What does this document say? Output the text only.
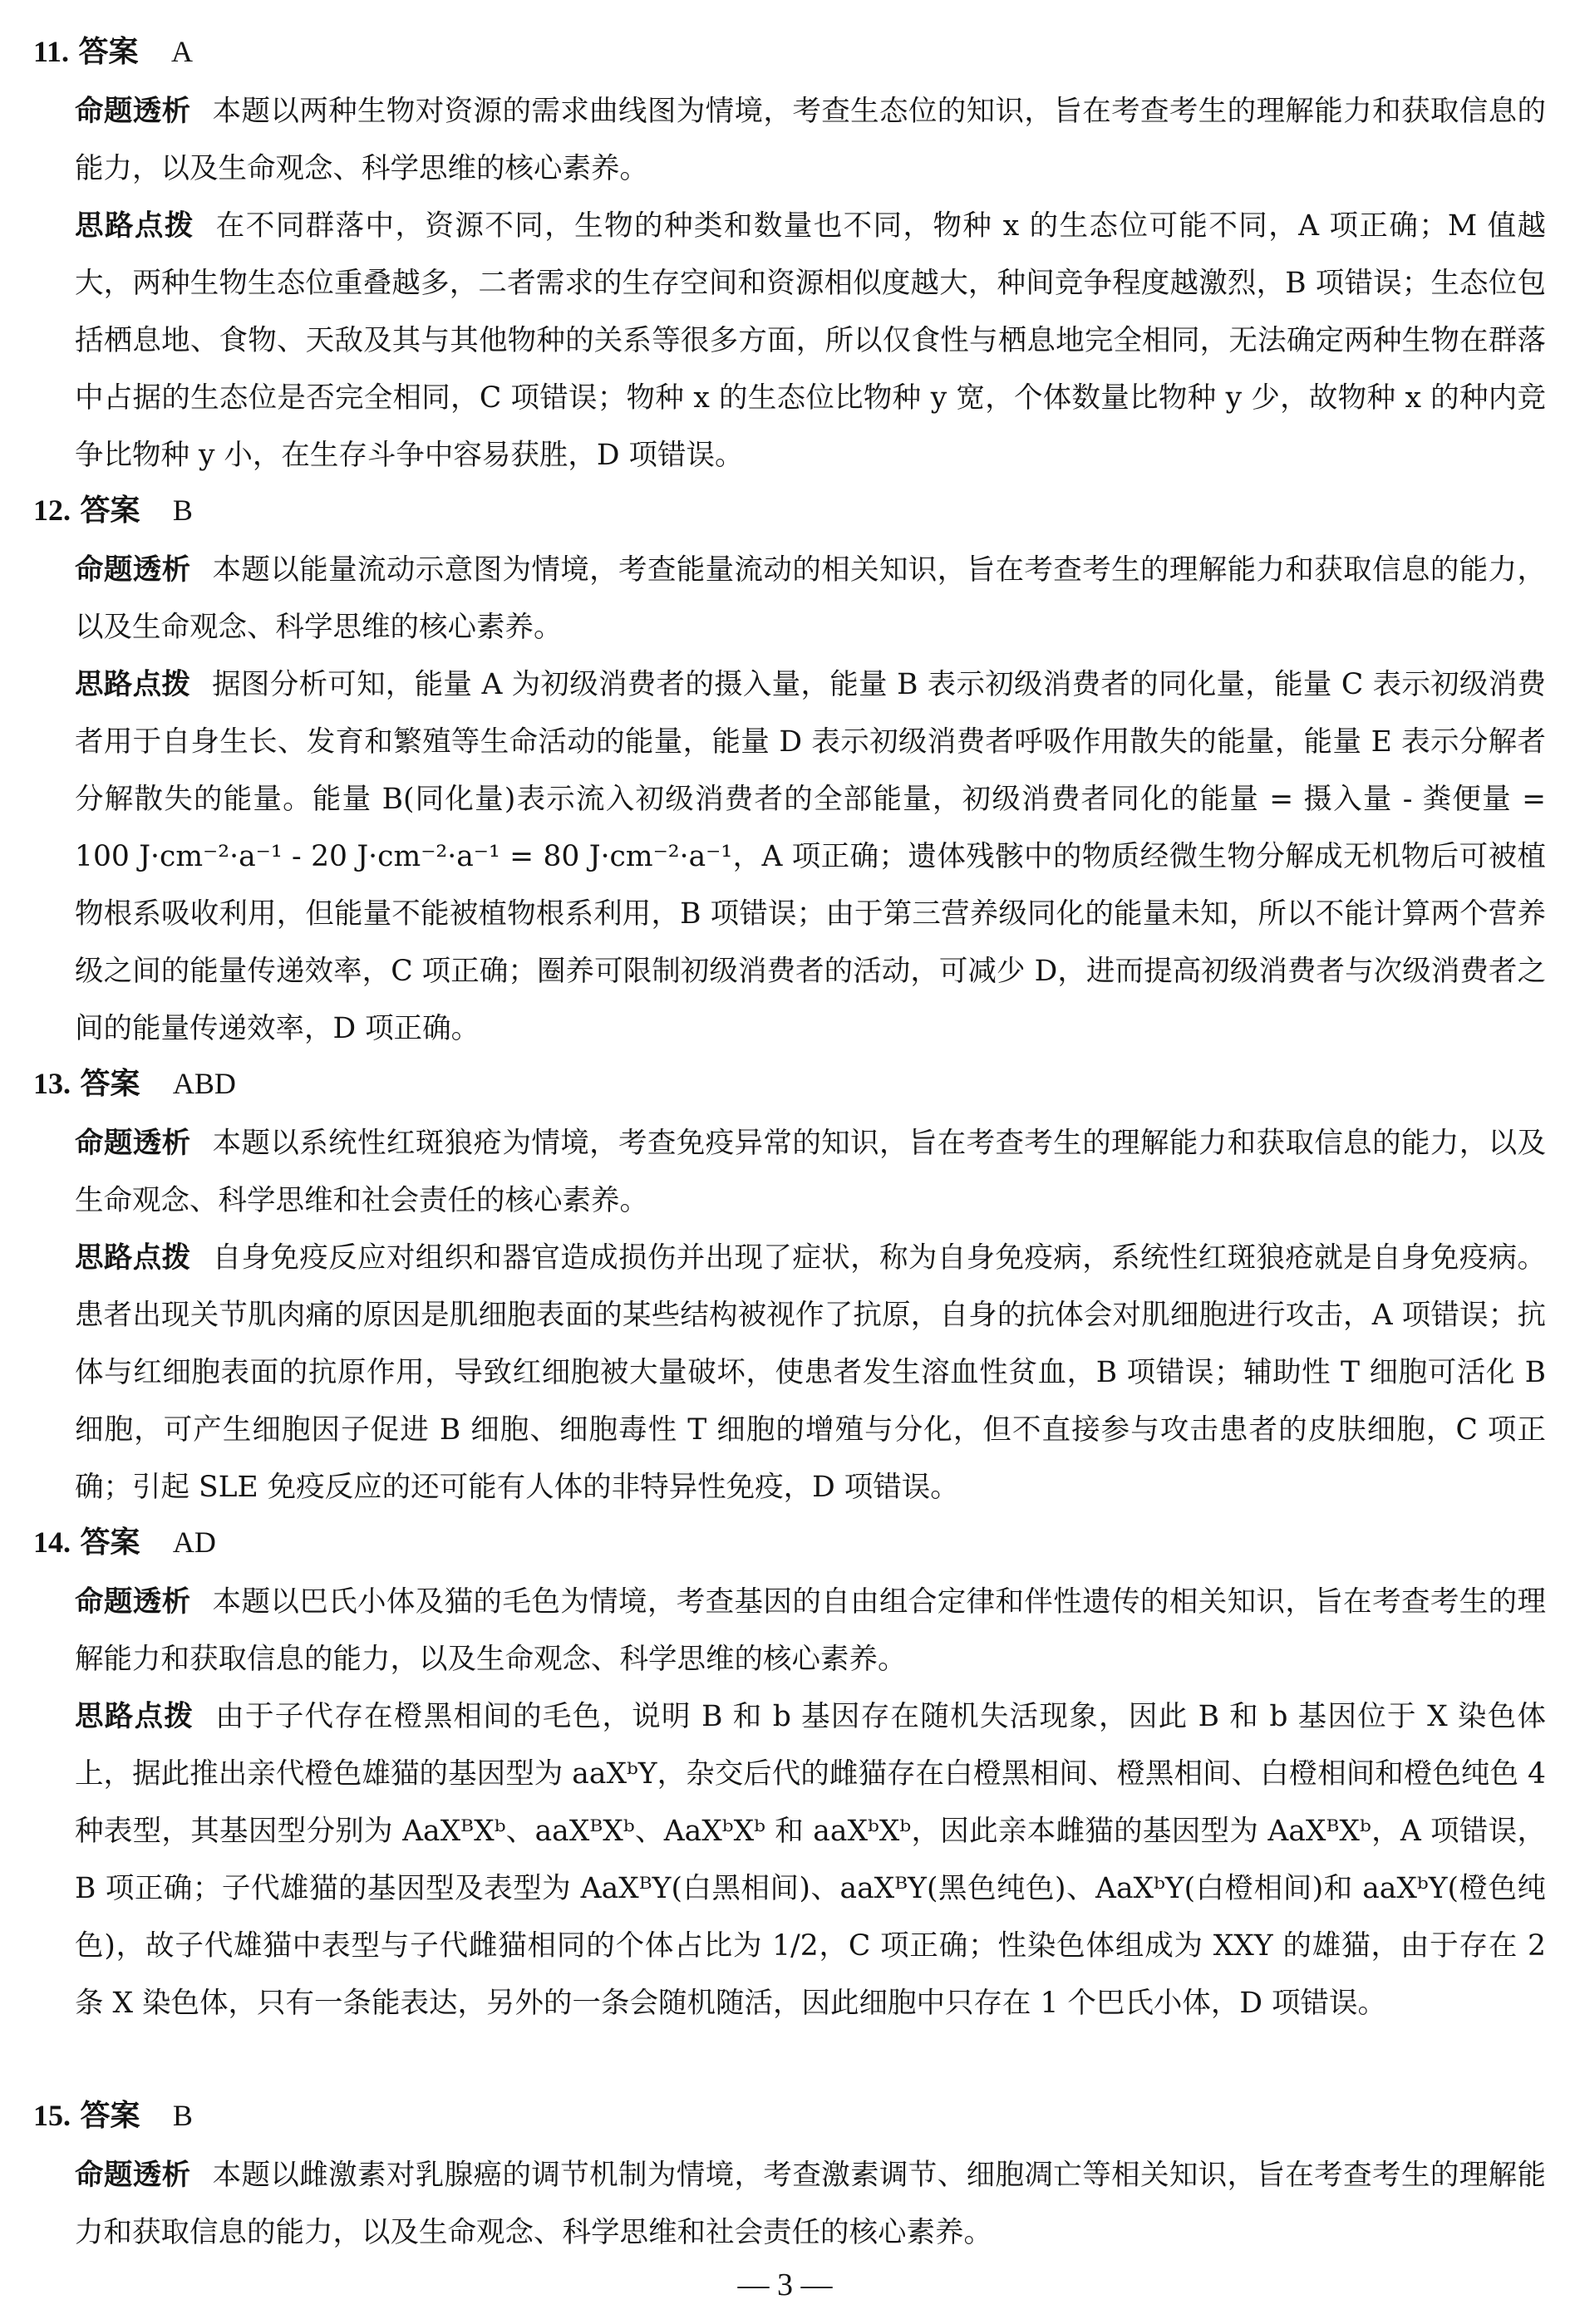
11. 答案 A
命题透析 本题以两种生物对资源的需求曲线图为情境，考查生态位的知识，旨在考查考生的理解能力和获取信息的能力，以及生命观念、科学思维的核心素养。
思路点拨 在不同群落中，资源不同，生物的种类和数量也不同，物种 x 的生态位可能不同，A 项正确；M 值越大，两种生物生态位重叠越多，二者需求的生存空间和资源相似度越大，种间竞争程度越激烈，B 项错误；生态位包括栖息地、食物、天敌及其与其他物种的关系等很多方面，所以仅食性与栖息地完全相同，无法确定两种生物在群落中占据的生态位是否完全相同，C 项错误；物种 x 的生态位比物种 y 宽，个体数量比物种 y 少，故物种 x 的种内竞争比物种 y 小，在生存斗争中容易获胜，D 项错误。
12. 答案 B
命题透析 本题以能量流动示意图为情境，考查能量流动的相关知识，旨在考查考生的理解能力和获取信息的能力，以及生命观念、科学思维的核心素养。
思路点拨 据图分析可知，能量 A 为初级消费者的摄入量，能量 B 表示初级消费者的同化量，能量 C 表示初级消费者用于自身生长、发育和繁殖等生命活动的能量，能量 D 表示初级消费者呼吸作用散失的能量，能量 E 表示分解者分解散失的能量。能量 B(同化量)表示流入初级消费者的全部能量，初级消费者同化的能量 = 摄入量 - 粪便量 = 100 J·cm⁻²·a⁻¹ - 20 J·cm⁻²·a⁻¹ = 80 J·cm⁻²·a⁻¹，A 项正确；遗体残骸中的物质经微生物分解成无机物后可被植物根系吸收利用，但能量不能被植物根系利用，B 项错误；由于第三营养级同化的能量未知，所以不能计算两个营养级之间的能量传递效率，C 项正确；圈养可限制初级消费者的活动，可减少 D，进而提高初级消费者与次级消费者之间的能量传递效率，D 项正确。
13. 答案 ABD
命题透析 本题以系统性红斑狼疮为情境，考查免疫异常的知识，旨在考查考生的理解能力和获取信息的能力，以及生命观念、科学思维和社会责任的核心素养。
思路点拨 自身免疫反应对组织和器官造成损伤并出现了症状，称为自身免疫病，系统性红斑狼疮就是自身免疫病。患者出现关节肌肉痛的原因是肌细胞表面的某些结构被视作了抗原，自身的抗体会对肌细胞进行攻击，A 项错误；抗体与红细胞表面的抗原作用，导致红细胞被大量破坏，使患者发生溶血性贫血，B 项错误；辅助性 T 细胞可活化 B 细胞，可产生细胞因子促进 B 细胞、细胞毒性 T 细胞的增殖与分化，但不直接参与攻击患者的皮肤细胞，C 项正确；引起 SLE 免疫反应的还可能有人体的非特异性免疫，D 项错误。
14. 答案 AD
命题透析 本题以巴氏小体及猫的毛色为情境，考查基因的自由组合定律和伴性遗传的相关知识，旨在考查考生的理解能力和获取信息的能力，以及生命观念、科学思维的核心素养。
思路点拨 由于子代存在橙黑相间的毛色，说明 B 和 b 基因存在随机失活现象，因此 B 和 b 基因位于 X 染色体上，据此推出亲代橙色雄猫的基因型为 aaXᵇY，杂交后代的雌猫存在白橙黑相间、橙黑相间、白橙相间和橙色纯色 4 种表型，其基因型分别为 AaXᴮXᵇ、aaXᴮXᵇ、AaXᵇXᵇ 和 aaXᵇXᵇ，因此亲本雌猫的基因型为 AaXᴮXᵇ，A 项错误，B 项正确；子代雄猫的基因型及表型为 AaXᴮY(白黑相间)、aaXᴮY(黑色纯色)、AaXᵇY(白橙相间)和 aaXᵇY(橙色纯色)，故子代雄猫中表型与子代雌猫相同的个体占比为 1/2，C 项正确；性染色体组成为 XXY 的雄猫，由于存在 2 条 X 染色体，只有一条能表达，另外的一条会随机随活，因此细胞中只存在 1 个巴氏小体，D 项错误。
15. 答案 B
命题透析 本题以雌激素对乳腺癌的调节机制为情境，考查激素调节、细胞凋亡等相关知识，旨在考查考生的理解能力和获取信息的能力，以及生命观念、科学思维和社会责任的核心素养。
— 3 —
